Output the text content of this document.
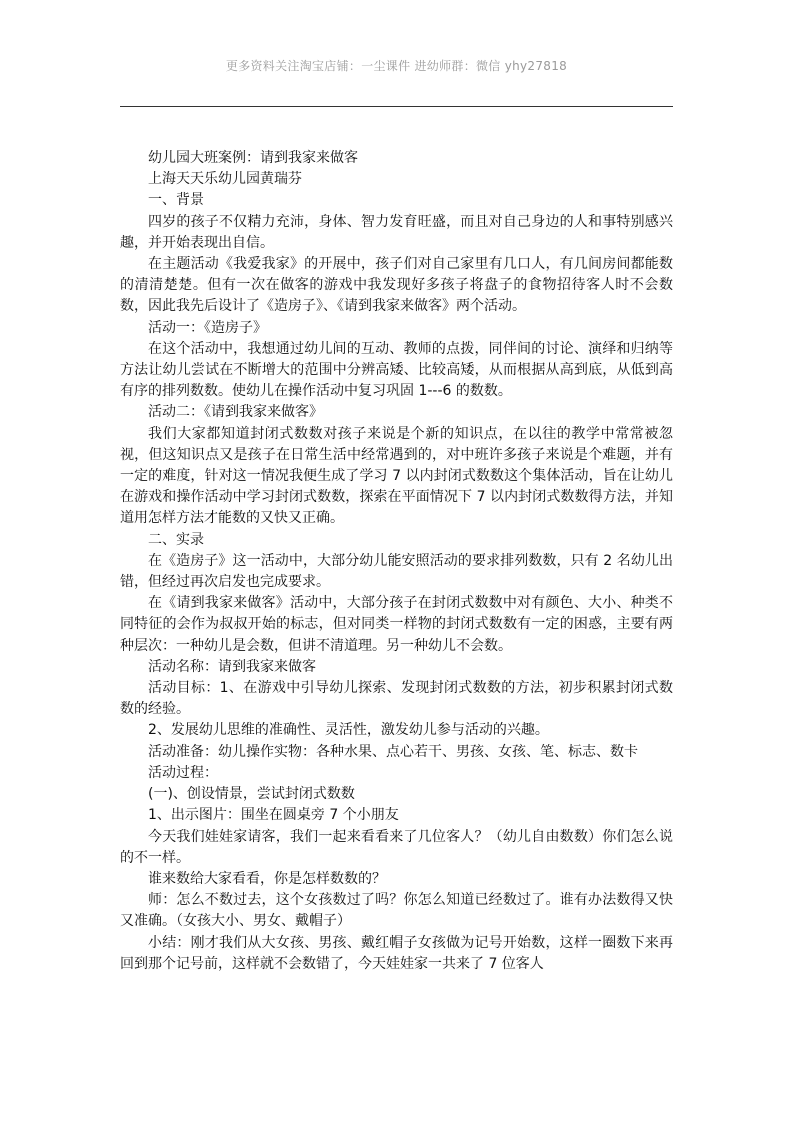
更多资料关注淘宝店铺：一尘课件 进幼师群：微信 yhy27818

幼儿园大班案例：请到我家来做客

上海天天乐幼儿园黄瑞芬

一、背景

四岁的孩子不仅精力充沛，身体、智力发育旺盛，而且对自己身边的人和事特别感兴趣，并开始表现出自信。

在主题活动《我爱我家》的开展中，孩子们对自己家里有几口人，有几间房间都能数的清清楚楚。但有一次在做客的游戏中我发现好多孩子将盘子的食物招待客人时不会数数，因此我先后设计了《造房子》、《请到我家来做客》两个活动。

活动一：《造房子》

在这个活动中，我想通过幼儿间的互动、教师的点拨，同伴间的讨论、演绎和归纳等方法让幼儿尝试在不断增大的范围中分辨高矮、比较高矮，从而根据从高到底，从低到高有序的排列数数。使幼儿在操作活动中复习巩固 1---6 的数数。

活动二：《请到我家来做客》

我们大家都知道封闭式数数对孩子来说是个新的知识点，在以往的教学中常常被忽视，但这知识点又是孩子在日常生活中经常遇到的，对中班许多孩子来说是个难题，并有一定的难度，针对这一情况我便生成了学习 7 以内封闭式数数这个集体活动，旨在让幼儿在游戏和操作活动中学习封闭式数数，探索在平面情况下 7 以内封闭式数数得方法，并知道用怎样方法才能数的又快又正确。

二、实录

在《造房子》这一活动中，大部分幼儿能安照活动的要求排列数数，只有 2 名幼儿出错，但经过再次启发也完成要求。

在《请到我家来做客》活动中，大部分孩子在封闭式数数中对有颜色、大小、种类不同特征的会作为叔叔开始的标志，但对同类一样物的封闭式数数有一定的困惑，主要有两种层次：一种幼儿是会数，但讲不清道理。另一种幼儿不会数。

活动名称：请到我家来做客

活动目标：1、在游戏中引导幼儿探索、发现封闭式数数的方法，初步积累封闭式数数的经验。

2、发展幼儿思维的准确性、灵活性，激发幼儿参与活动的兴趣。

活动准备：幼儿操作实物：各种水果、点心若干、男孩、女孩、笔、标志、数卡

活动过程：

(一)、创设情景，尝试封闭式数数

1、出示图片：围坐在圆桌旁 7 个小朋友

今天我们娃娃家请客，我们一起来看看来了几位客人？（幼儿自由数数）你们怎么说的不一样。

谁来数给大家看看，你是怎样数数的？

师：怎么不数过去，这个女孩数过了吗？你怎么知道已经数过了。谁有办法数得又快又准确。（女孩大小、男女、戴帽子）

小结：刚才我们从大女孩、男孩、戴红帽子女孩做为记号开始数，这样一圈数下来再回到那个记号前，这样就不会数错了，今天娃娃家一共来了 7 位客人
